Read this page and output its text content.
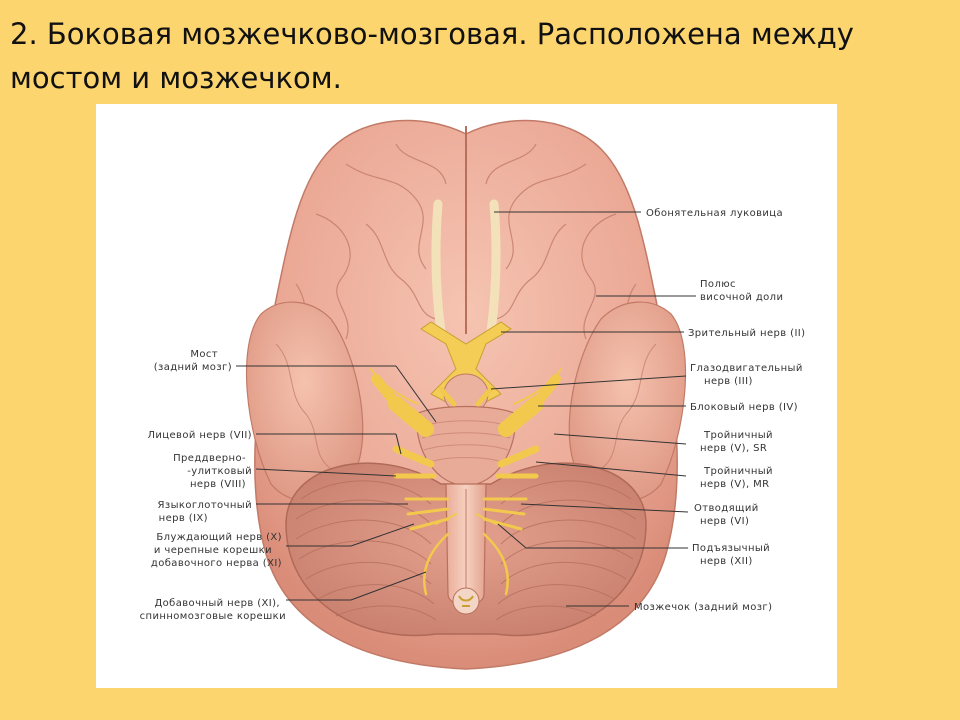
2. Боковая мозжечково-мозговая. Расположена между
мостом и мозжечком.
Обонятельная луковица
Полюс
височной доли
Зрительный нерв (II)
Глазодвигательный
нерв (III)
Блоковый нерв (IV)
Тройничный
нерв (V), SR
Тройничный
нерв (V), MR
Отводящий
нерв (VI)
Подъязычный
нерв (XII)
Мозжечок (задний мозг)
Мост
(задний мозг)
Лицевой нерв (VII)
Преддверно-
-улитковый
нерв (VIII)
Языкоглоточный
нерв (IX)
Блуждающий нерв (X)
и черепные корешки
добавочного нерва (XI)
Добавочный нерв (XI),
спинномозговые корешки
